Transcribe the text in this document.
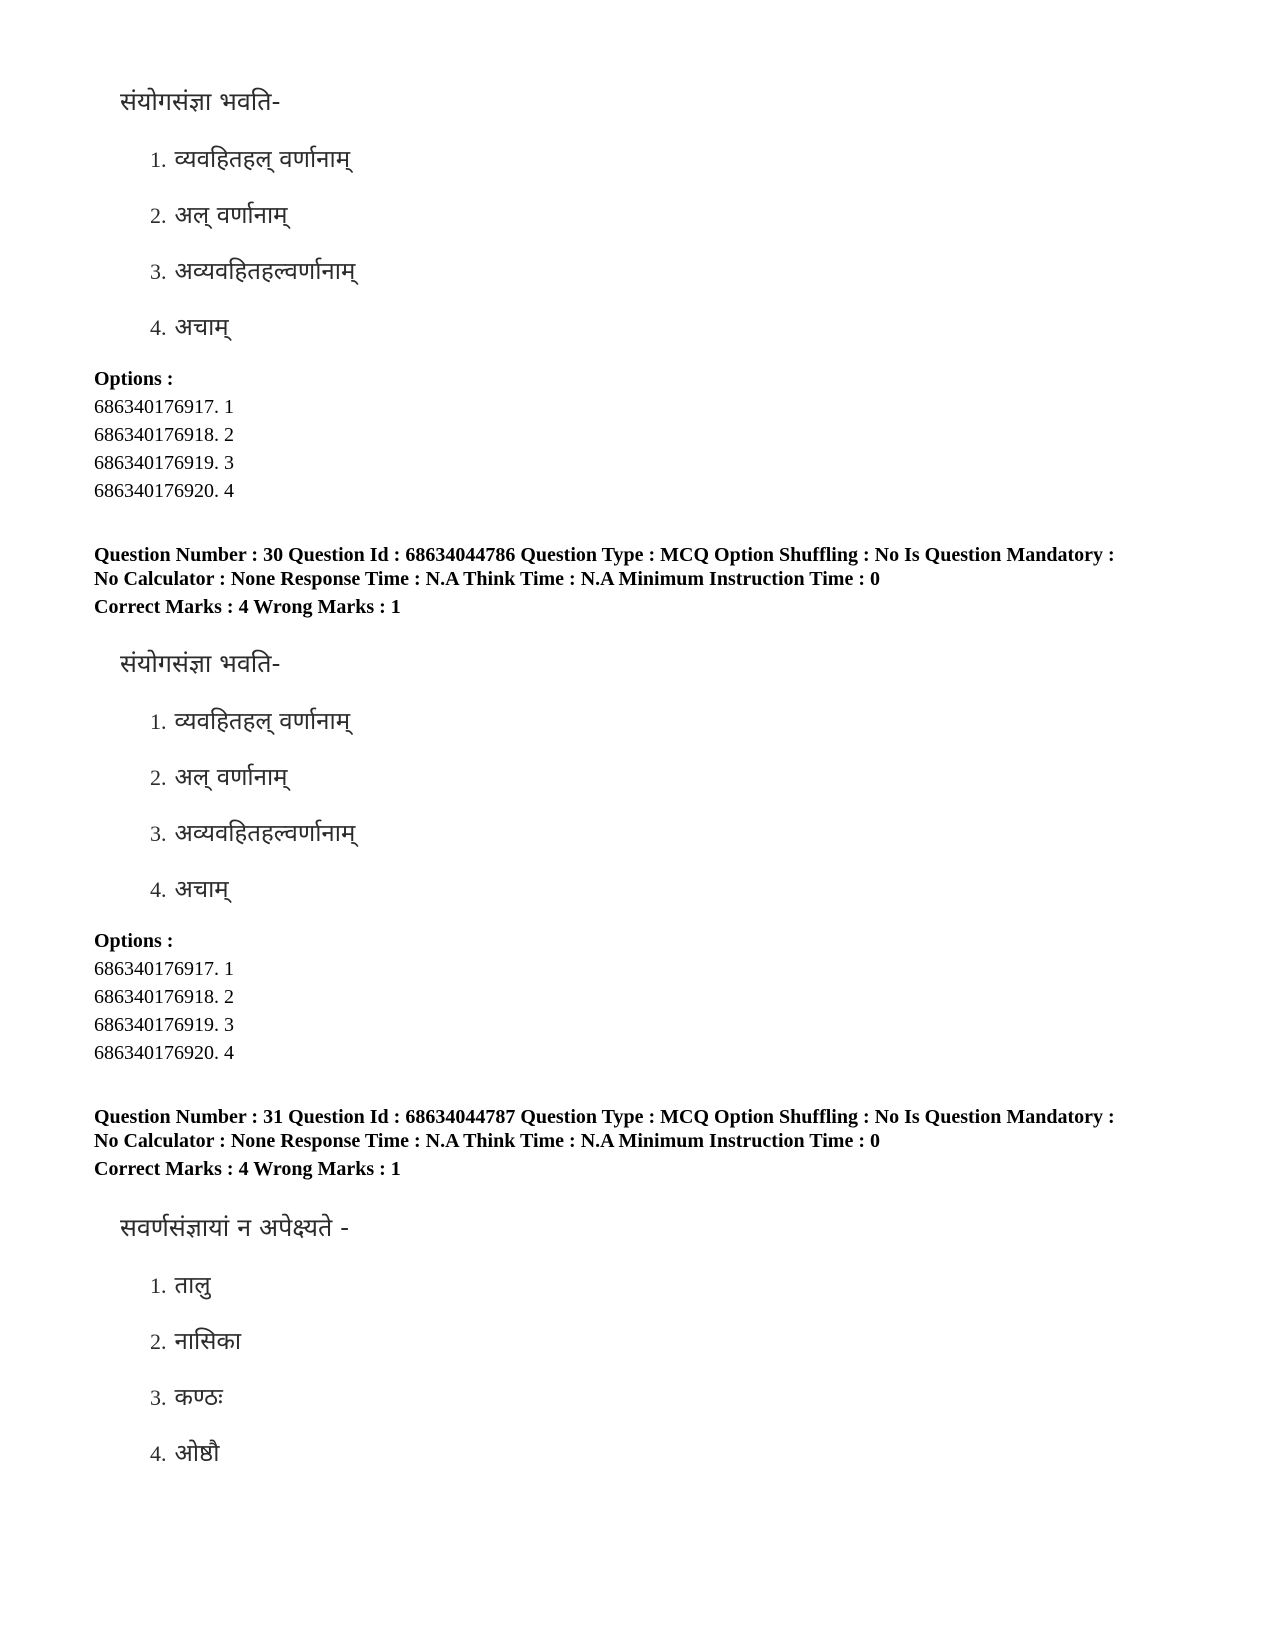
संयोगसंज्ञा भवति-
1. व्यवहितहल् वर्णानाम्
2. अल् वर्णानाम्
3. अव्यवहितहल्वर्णानाम्
4. अचाम्
Options :
686340176917. 1
686340176918. 2
686340176919. 3
686340176920. 4
Question Number : 30 Question Id : 68634044786 Question Type : MCQ Option Shuffling : No Is Question Mandatory :
No Calculator : None Response Time : N.A Think Time : N.A Minimum Instruction Time : 0
Correct Marks : 4 Wrong Marks : 1
संयोगसंज्ञा भवति-
1. व्यवहितहल् वर्णानाम्
2. अल् वर्णानाम्
3. अव्यवहितहल्वर्णानाम्
4. अचाम्
Options :
686340176917. 1
686340176918. 2
686340176919. 3
686340176920. 4
Question Number : 31 Question Id : 68634044787 Question Type : MCQ Option Shuffling : No Is Question Mandatory :
No Calculator : None Response Time : N.A Think Time : N.A Minimum Instruction Time : 0
Correct Marks : 4 Wrong Marks : 1
सवर्णसंज्ञायां न अपेक्ष्यते -
1. तालु
2. नासिका
3. कण्ठः
4. ओष्ठौ
